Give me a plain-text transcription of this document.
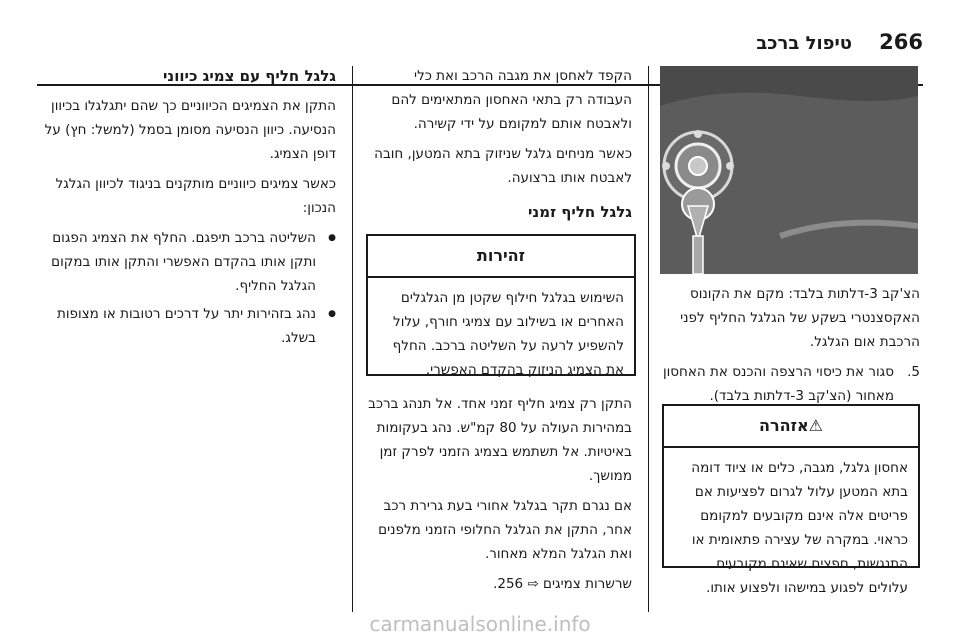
266
טיפול ברכב
גלגל חליף עם צמיג כיווני

התקן את הצמיגים הכיווניים כך שהם יתגלגלו בכיוון הנסיעה. כיוון הנסיעה מסומן בסמל (למשל: חץ) על דופן הצמיג.

כאשר צמיגים כיווניים מותקנים בניגוד לכיוון הגלגל הנכון:

● השליטה ברכב תיפגם. החלף את הצמיג הפגום ותקן אותו בהקדם האפשרי והתקן אותו במקום הגלגל החליף.
● נהג בזהירות יתר על דרכים רטובות או מצופות בשלג.

הקפד לאחסן את מגבה הרכב ואת כלי העבודה רק בתאי האחסון המתאימים להם ולאבטח אותם למקומם על ידי קשירה.

כאשר מניחים גלגל שניזוק בתא המטען, חובה לאבטח אותו ברצועה.

גלגל חליף זמני
זהירות
השימוש בגלגל חילוף שקטן מן הגלגלים האחרים או בשילוב עם צמיגי חורף, עלול להשפיע לרעה על השליטה ברכב. החלף את הצמיג הניזוק בהקדם האפשרי.

התקן רק צמיג חליף זמני אחד. אל תנהג ברכב במהירות העולה על 80 קמ"ש. נהג בעקומות באיטיות. אל תשתמש בצמיג הזמני לפרק זמן ממושך.

אם נגרם תקר בגלגל אחורי בעת גרירת רכב אחר, התקן את הגלגל החלופי הזמני מלפנים ואת הגלגל המלא מאחור.

שרשרות צמיגים ⇨ 256.

הצ'קב 3-דלתות בלבד: מקם את הקונוס האקסצנטרי בשקע של הגלגל החליף לפני הרכבת אום הגלגל.

5.
סגור את כיסוי הרצפה והכנס את האחסון מאחור (הצ'קב 3-דלתות בלבד).
⚠אזהרה
אחסון גלגל, מגבה, כלים או ציוד דומה בתא המטען עלול לגרום לפציעות אם פריטים אלה אינם מקובעים למקומם כראוי. במקרה של עצירה פתאומית או התנגשות, חפצים שאינם מקובעים עלולים לפגוע במישהו ולפצוע אותו.
carmanualsonline.info
